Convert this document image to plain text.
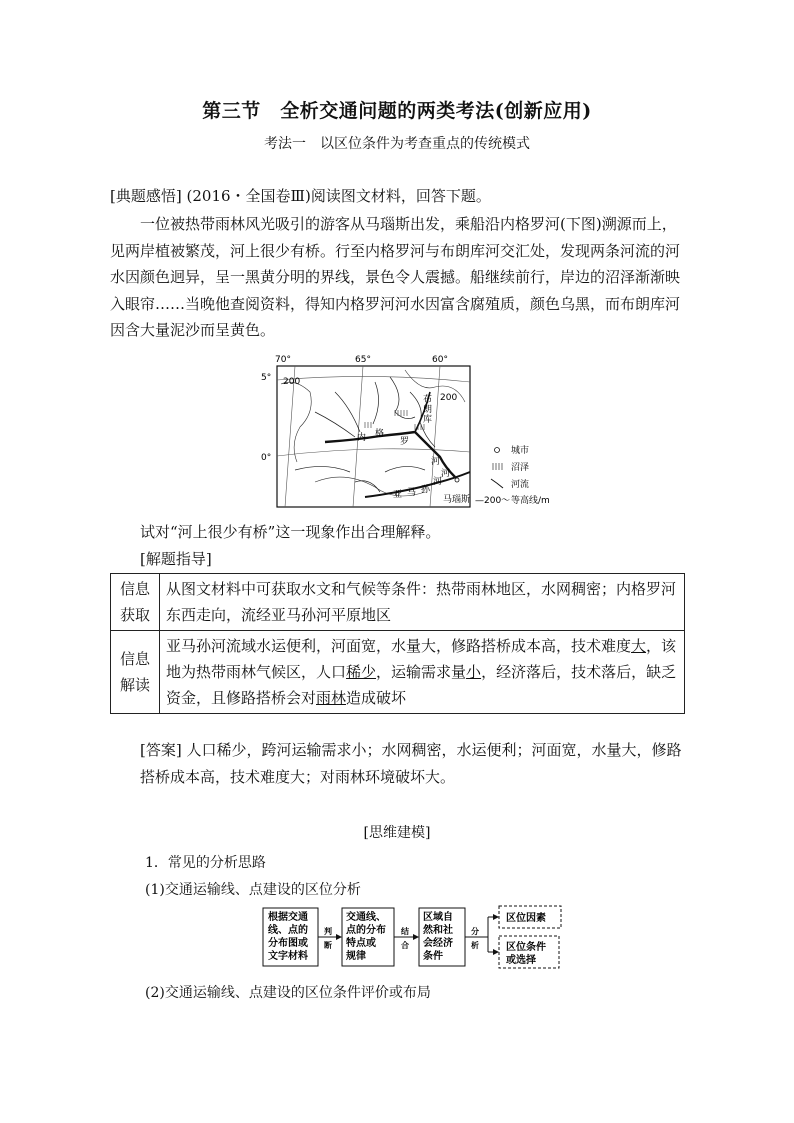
第三节　全析交通问题的两类考法(创新应用)
考法一　以区位条件为考查重点的传统模式
[典题感悟] (2016・全国卷Ⅲ)阅读图文材料，回答下题。
一位被热带雨林风光吸引的游客从马瑙斯出发，乘船沿内格罗河(下图)溯源而上，见两岸植被繁茂，河上很少有桥。行至内格罗河与布朗库河交汇处，发现两条河流的河水因颜色迥异，呈一黑黄分明的界线，景色令人震撼。船继续前行，岸边的沼泽渐渐映入眼帘……当晚他查阅资料，得知内格罗河河水因富含腐殖质，颜色乌黑，而布朗库河因含大量泥沙而呈黄色。
70°	65°	60°
5°
0°
200
200
内 格
罗
河
布
朗
库
河
亚 马 孙
河
马瑙斯
城市
沼泽
河流
—200～ 等高线/m
试对“河上很少有桥”这一现象作出合理解释。
[解题指导]
信息
获取	从图文材料中可获取水文和气候等条件：热带雨林地区，水网稠密；内格罗河东西走向，流经亚马孙河平原地区
信息
解读	亚马孙河流域水运便利，河面宽，水量大，修路搭桥成本高，技术难度大，该地为热带雨林气候区，人口稀少，运输需求量小，经济落后，技术落后，缺乏资金，且修路搭桥会对雨林造成破坏
[答案] 人口稀少，跨河运输需求小；水网稠密，水运便利；河面宽，水量大，修路搭桥成本高，技术难度大；对雨林环境破坏大。
[思维建模]
1．常见的分析思路
(1)交通运输线、点建设的区位分析
根据交通
线、点的
分布图或
文字材料
判
断
交通线、
点的分布
特点或
规律
结
合
区域自
然和社
会经济
条件
分
析
区位因素
区位条件
或选择
(2)交通运输线、点建设的区位条件评价或布局
